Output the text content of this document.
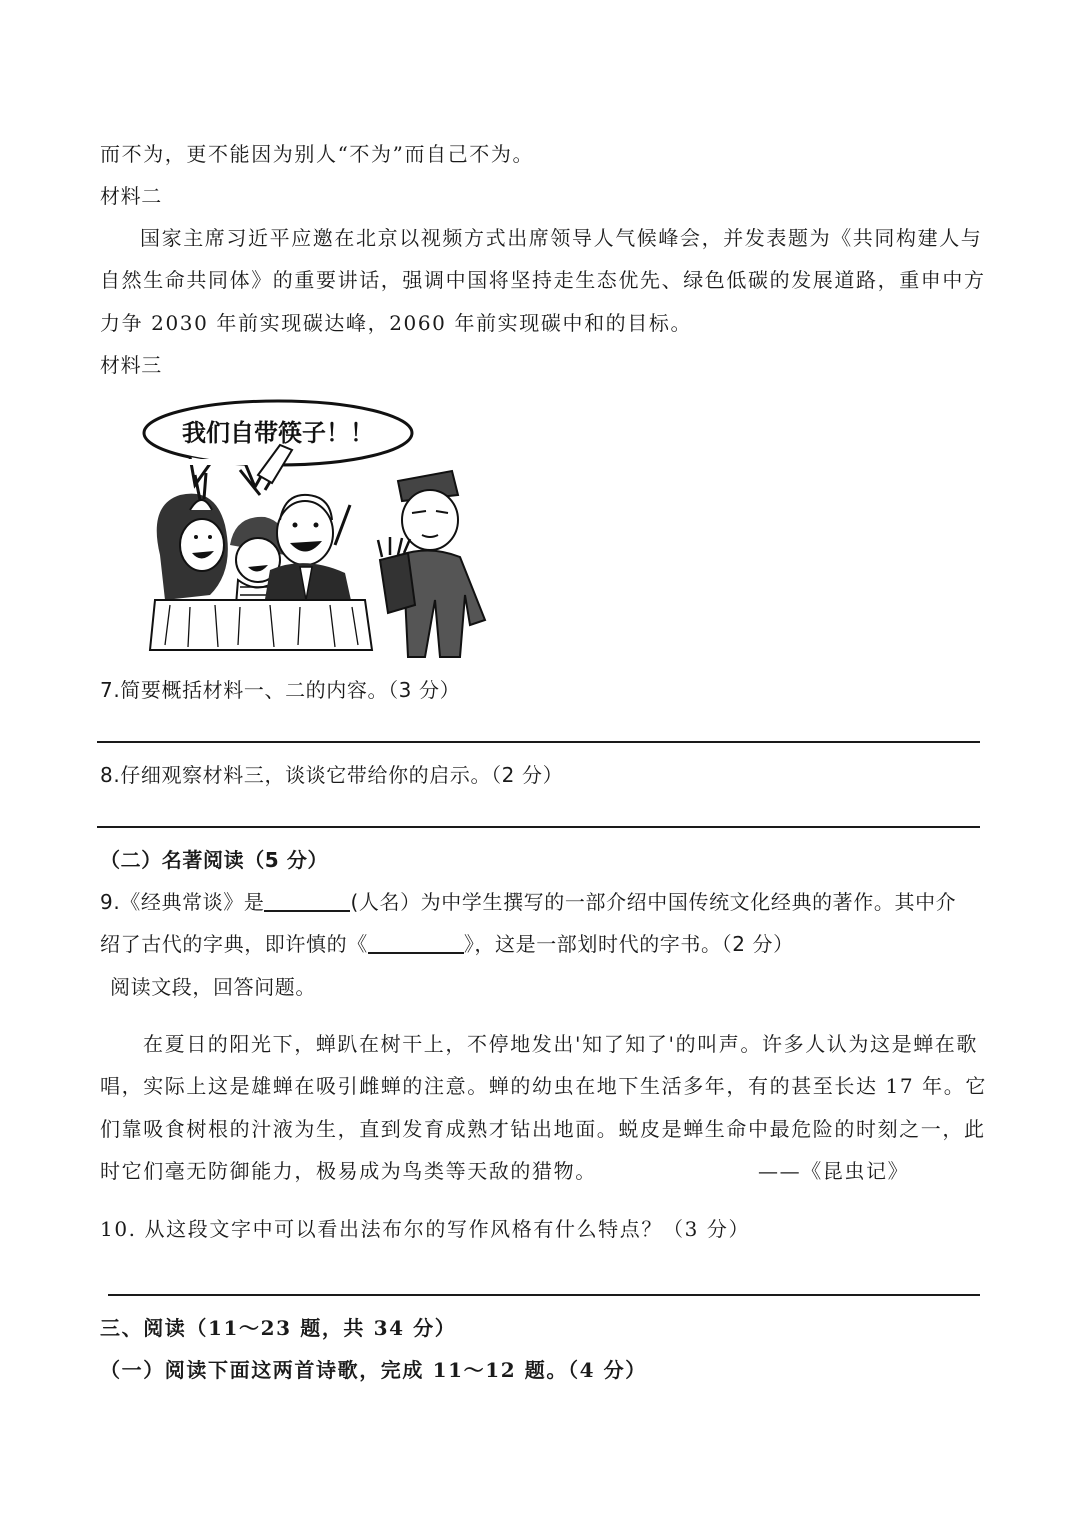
而不为，更不能因为别人“不为”而自己不为。
材料二
国家主席习近平应邀在北京以视频方式出席领导人气候峰会，并发表题为《共同构建人与
自然生命共同体》的重要讲话，强调中国将坚持走生态优先、绿色低碳的发展道路，重申中方
力争 2030 年前实现碳达峰，2060 年前实现碳中和的目标。
材料三
我们自带筷子！！
7.简要概括材料一、二的内容。（3 分）
8.仔细观察材料三，谈谈它带给你的启示。（2 分）
（二）名著阅读（5 分）
9.《经典常谈》是	(人名）为中学生撰写的一部介绍中国传统文化经典的著作。其中介
绍了古代的字典，即许慎的《	》，这是一部划时代的字书。（2 分）
阅读文段，回答问题。
在夏日的阳光下，蝉趴在树干上，不停地发出'知了知了'的叫声。许多人认为这是蝉在歌
唱，实际上这是雄蝉在吸引雌蝉的注意。蝉的幼虫在地下生活多年，有的甚至长达 17 年。它
们靠吸食树根的汁液为生，直到发育成熟才钻出地面。蜕皮是蝉生命中最危险的时刻之一，此
时它们毫无防御能力，极易成为鸟类等天敌的猎物。	——《昆虫记》
10. 从这段文字中可以看出法布尔的写作风格有什么特点？（3 分）
三、阅读（11～23 题，共 34 分）
（一）阅读下面这两首诗歌，完成 11～12 题。（4 分）
